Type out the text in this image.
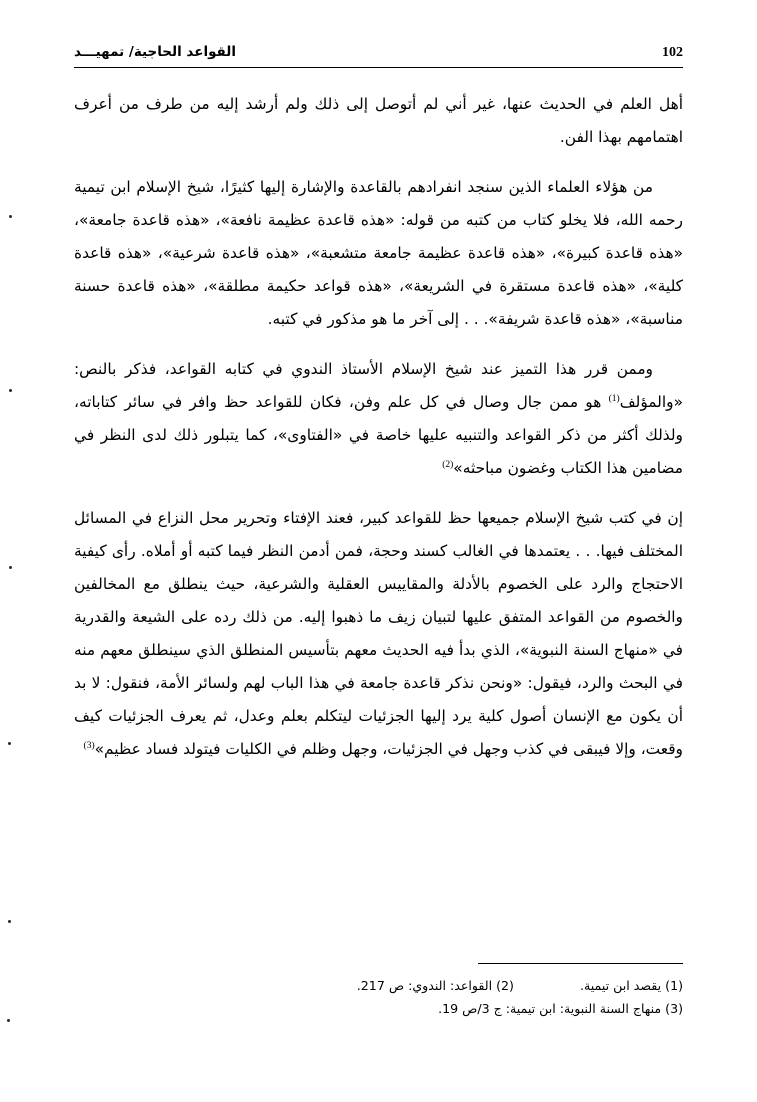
القواعد الحاجية/ تمهيـــد	102

أهل العلم في الحديث عنها، غير أني لم أتوصل إلى ذلك ولم أرشد إليه من طرف من أعرف اهتمامهم بهذا الفن.

من هؤلاء العلماء الذين سنجد انفرادهم بالقاعدة والإشارة إليها كثيرًا، شيخ الإسلام ابن تيمية رحمه الله، فلا يخلو كتاب من كتبه من قوله: «هذه قاعدة عظيمة نافعة»، «هذه قاعدة جامعة»، «هذه قاعدة كبيرة»، «هذه قاعدة عظيمة جامعة متشعبة»، «هذه قاعدة شرعية»، «هذه قاعدة كلية»، «هذه قاعدة مستقرة في الشريعة»، «هذه قواعد حكيمة مطلقة»، «هذه قاعدة حسنة مناسبة»، «هذه قاعدة شريفة». . . إلى آخر ما هو مذكور في كتبه.

وممن قرر هذا التميز عند شيخ الإسلام الأستاذ الندوي في كتابه القواعد، فذكر بالنص: «والمؤلف$^{(1)}$ هو ممن جال وصال في كل علم وفن، فكان للقواعد حظ وافر في سائر كتاباته، ولذلك أكثر من ذكر القواعد والتنبيه عليها خاصة في «الفتاوى»، كما يتبلور ذلك لدى النظر في مضامين هذا الكتاب وغضون مباحثه»$^{(2)}$

إن في كتب شيخ الإسلام جميعها حظ للقواعد كبير، فعند الإفتاء وتحرير محل النزاع في المسائل المختلف فيها. . . يعتمدها في الغالب كسند وحجة، فمن أدمن النظر فيما كتبه أو أملاه. رأى كيفية الاحتجاج والرد على الخصوم بالأدلة والمقاييس العقلية والشرعية، حيث ينطلق مع المخالفين والخصوم من القواعد المتفق عليها لتبيان زيف ما ذهبوا إليه. من ذلك رده على الشيعة والقدرية في «منهاج السنة النبوية»، الذي بدأ فيه الحديث معهم بتأسيس المنطلق الذي سينطلق معهم منه في البحث والرد، فيقول: «ونحن نذكر قاعدة جامعة في هذا الباب لهم ولسائر الأمة، فنقول: لا بد أن يكون مع الإنسان أصول كلية يرد إليها الجزئيات ليتكلم بعلم وعدل، ثم يعرف الجزئيات كيف وقعت، وإلا فيبقى في كذب وجهل في الجزئيات، وجهل وظلم في الكليات فيتولد فساد عظيم»$^{(3)}$

(1) يقصد ابن تيمية.  (2) القواعد: الندوي: ص 217.
(3) منهاج السنة النبوية: ابن تيمية: ج 3/ص 19.
